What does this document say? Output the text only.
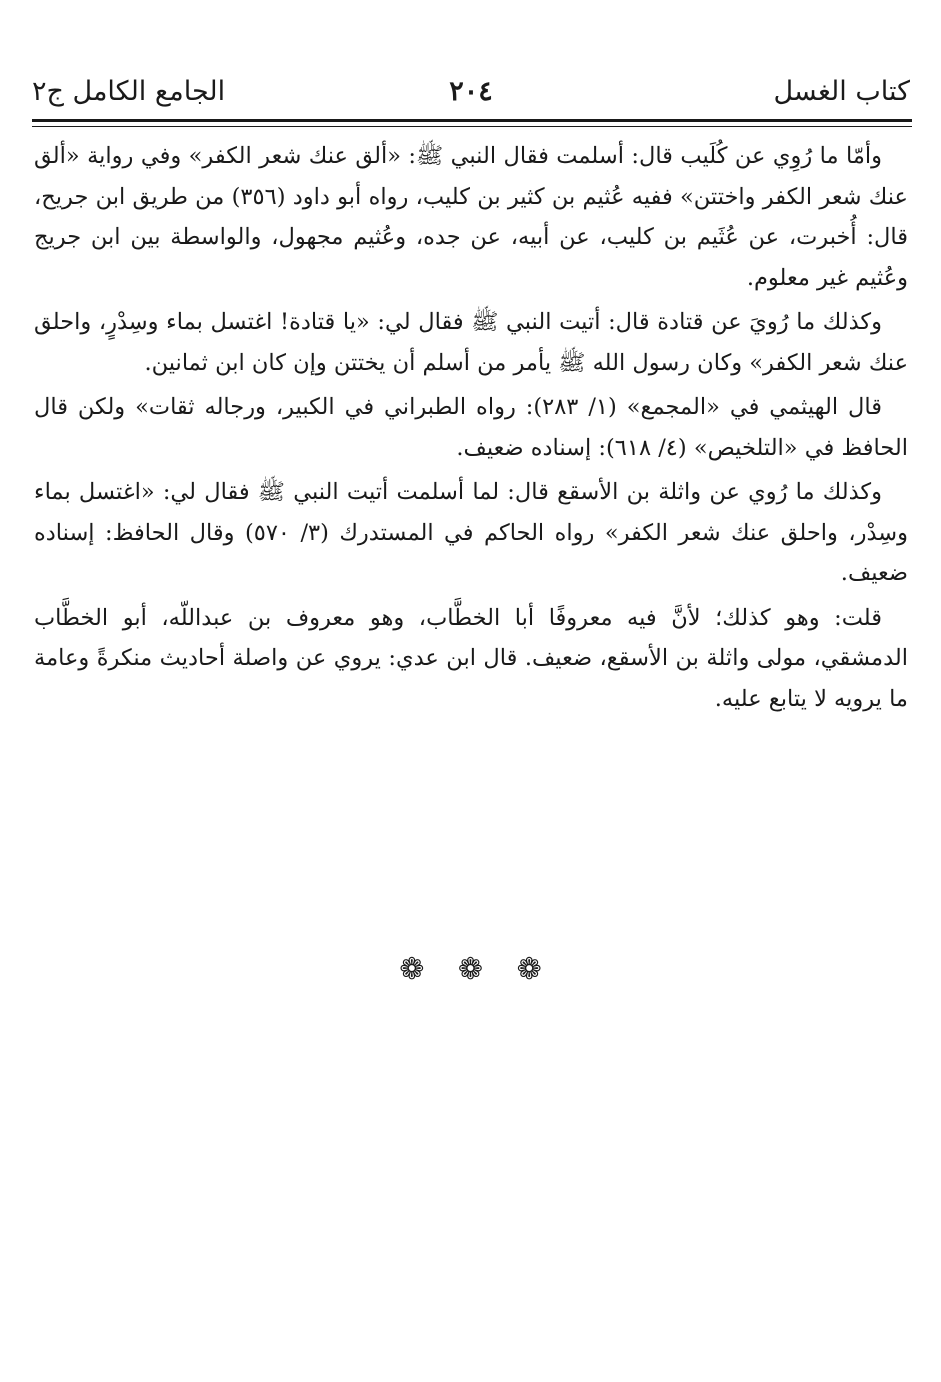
كتاب الغسل
٢٠٤
الجامع الكامل ج٢

وأمّا ما رُوِي عن كُلَيب قال: أسلمت فقال النبي ﷺ: «ألق عنك شعر الكفر» وفي رواية «ألق عنك شعر الكفر واختتن» ففيه عُثيم بن كثير بن كليب، رواه أبو داود (٣٥٦) من طريق ابن جريح، قال: أُخبرت، عن عُثَيم بن كليب، عن أبيه، عن جده، وعُثيم مجهول، والواسطة بين ابن جريج وعُثيم غير معلوم.

وكذلك ما رُويَ عن قتادة قال: أتيت النبي ﷺ فقال لي: «يا قتادة! اغتسل بماء وسِدْرٍ، واحلق عنك شعر الكفر» وكان رسول الله ﷺ يأمر من أسلم أن يختتن وإن كان ابن ثمانين.

قال الهيثمي في «المجمع» (١/ ٢٨٣): رواه الطبراني في الكبير، ورجاله ثقات» ولكن قال الحافظ في «التلخيص» (٤/ ٦١٨): إسناده ضعيف.

وكذلك ما رُوي عن واثلة بن الأسقع قال: لما أسلمت أتيت النبي ﷺ فقال لي: «اغتسل بماء وسِدْر، واحلق عنك شعر الكفر» رواه الحاكم في المستدرك (٣/ ٥٧٠) وقال الحافظ: إسناده ضعيف.

قلت: وهو كذلك؛ لأنَّ فيه معروفًا أبا الخطَّاب، وهو معروف بن عبداللّه، أبو الخطَّاب الدمشقي، مولى واثلة بن الأسقع، ضعيف. قال ابن عدي: يروي عن واصلة أحاديث منكرةً وعامة ما يرويه لا يتابع عليه.

❁ ❁ ❁
